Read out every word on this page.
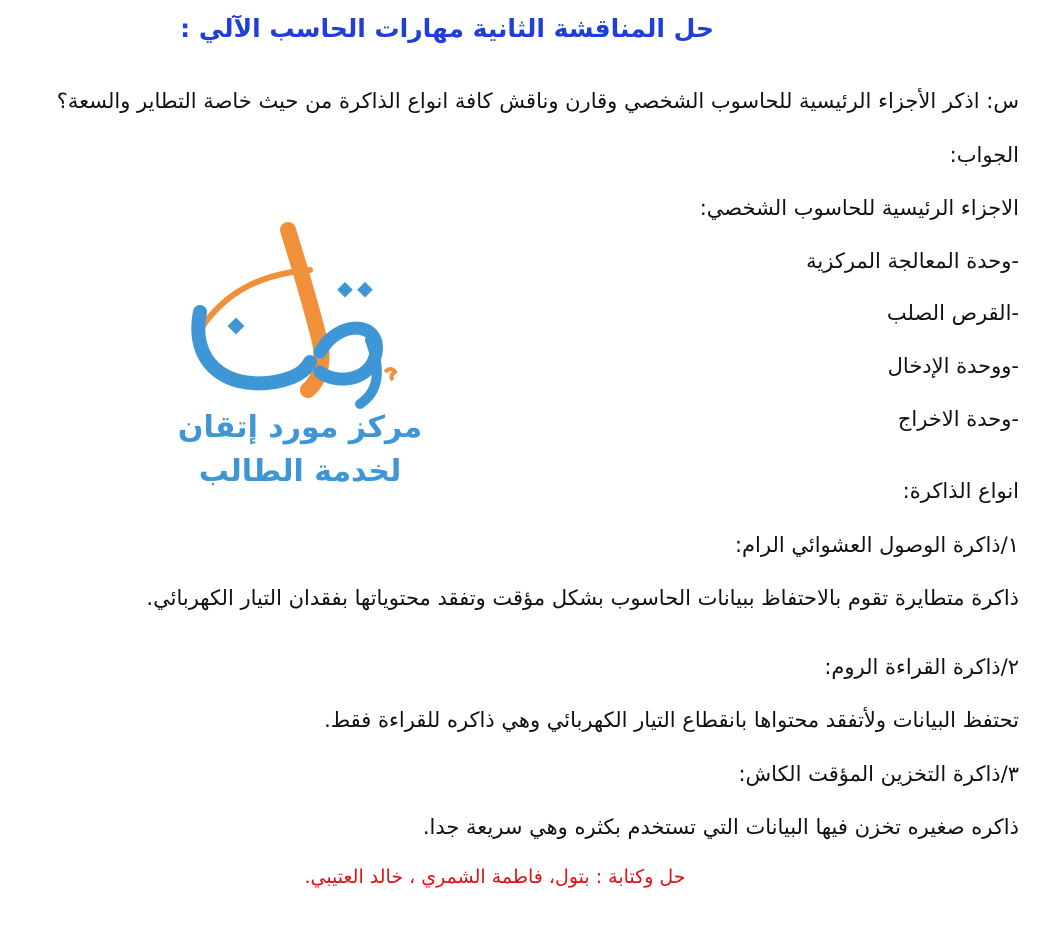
حل المناقشة الثانية مهارات الحاسب الآلي :
س: اذكر الأجزاء الرئيسية للحاسوب الشخصي وقارن وناقش كافة انواع الذاكرة من حيث خاصة التطاير والسعة؟
الجواب:
الاجزاء الرئيسية للحاسوب الشخصي:
-وحدة المعالجة المركزية
-القرص الصلب
-ووحدة الإدخال
-وحدة الاخراج
انواع الذاكرة:
١/ذاكرة الوصول العشوائي الرام:
ذاكرة متطايرة تقوم بالاحتفاظ ببيانات الحاسوب بشكل مؤقت وتفقد محتوياتها بفقدان التيار الكهربائي.
٢/ذاكرة القراءة الروم:
تحتفظ البيانات ولأتفقد محتواها بانقطاع التيار الكهربائي وهي ذاكره للقراءة فقط.
٣/ذاكرة التخزين المؤقت الكاش:
ذاكره صغيره تخزن فيها البيانات التي تستخدم بكثره وهي سريعة جدا.
حل وكتابة : بتول، فاطمة الشمري ، خالد العتيبي.
مركز مورد إتقان
لخدمة الطالب
